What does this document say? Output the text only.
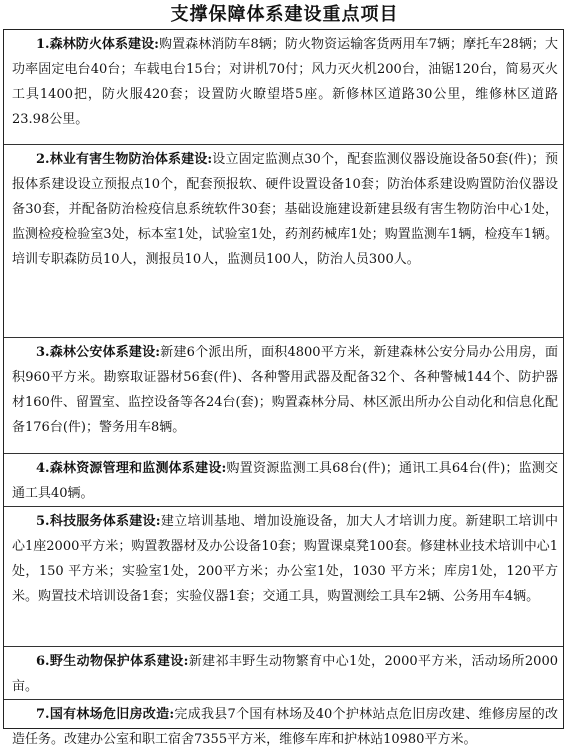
支撑保障体系建设重点项目

1.森林防火体系建设:购置森林消防车8辆；防火物资运输客货两用车7辆；摩托车28辆；大功率固定电台40台；车载电台15台；对讲机70付；风力灭火机200台，油锯120台，简易灭火工具1400把，防火服420套；设置防火瞭望塔5座。新修林区道路30公里，维修林区道路23.98公里。

2.林业有害生物防治体系建设:设立固定监测点30个，配套监测仪器设施设备50套(件)；预报体系建设设立预报点10个，配套预报软、硬件设置设备10套；防治体系建设购置防治仪器设备30套，并配备防治检疫信息系统软件30套；基础设施建设新建县级有害生物防治中心1处，监测检疫检验室3处，标本室1处，试验室1处，药剂药械库1处；购置监测车1辆，检疫车1辆。培训专职森防员10人，测报员10人，监测员100人，防治人员300人。

3.森林公安体系建设:新建6个派出所，面积4800平方米，新建森林公安分局办公用房，面积960平方米。勘察取证器材56套(件)、各种警用武器及配备32个、各种警械144个、防护器材160件、留置室、监控设备等各24台(套)；购置森林分局、林区派出所办公自动化和信息化配备176台(件)；警务用车8辆。

4.森林资源管理和监测体系建设:购置资源监测工具68台(件)；通讯工具64台(件)；监测交通工具40辆。

5.科技服务体系建设:建立培训基地、增加设施设备，加大人才培训力度。新建职工培训中心1座2000平方米；购置教器材及办公设备10套；购置课桌凳100套。修建林业技术培训中心1处，150 平方米；实验室1处，200平方米；办公室1处，1030 平方米；库房1处，120平方米。购置技术培训设备1套；实验仪器1套；交通工具，购置测绘工具车2辆、公务用车4辆。

6.野生动物保护体系建设:新建祁丰野生动物繁育中心1处，2000平方米，活动场所2000亩。

7.国有林场危旧房改造:完成我县7个国有林场及40个护林站点危旧房改建、维修房屋的改造任务。改建办公室和职工宿舍7355平方米，维修车库和护林站10980平方米。
